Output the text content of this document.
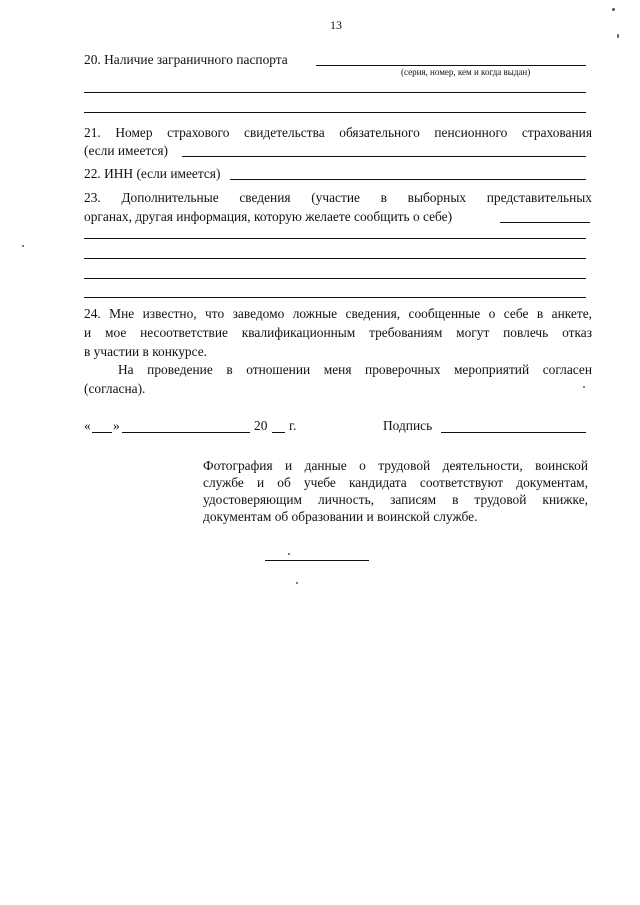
13
20. Наличие заграничного паспорта
(серия, номер, кем и когда выдан)
21. Номер страхового свидетельства обязательного пенсионного страхования
(если имеется)
22. ИНН (если имеется)
23. Дополнительные сведения (участие в выборных представительных
органах, другая информация, которую желаете сообщить о себе)
24. Мне известно, что заведомо ложные сведения, сообщенные о себе в анкете,
и мое несоответствие квалификационным требованиям могут повлечь отказ
в участии в конкурсе.
На проведение в отношении меня проверочных мероприятий согласен
(согласна).
« »	20 г.	Подпись
Фотография и данные о трудовой деятельности, воинской
службе и об учебе кандидата соответствуют документам,
удостоверяющим личность, записям в трудовой книжке,
документам об образовании и воинской службе.
